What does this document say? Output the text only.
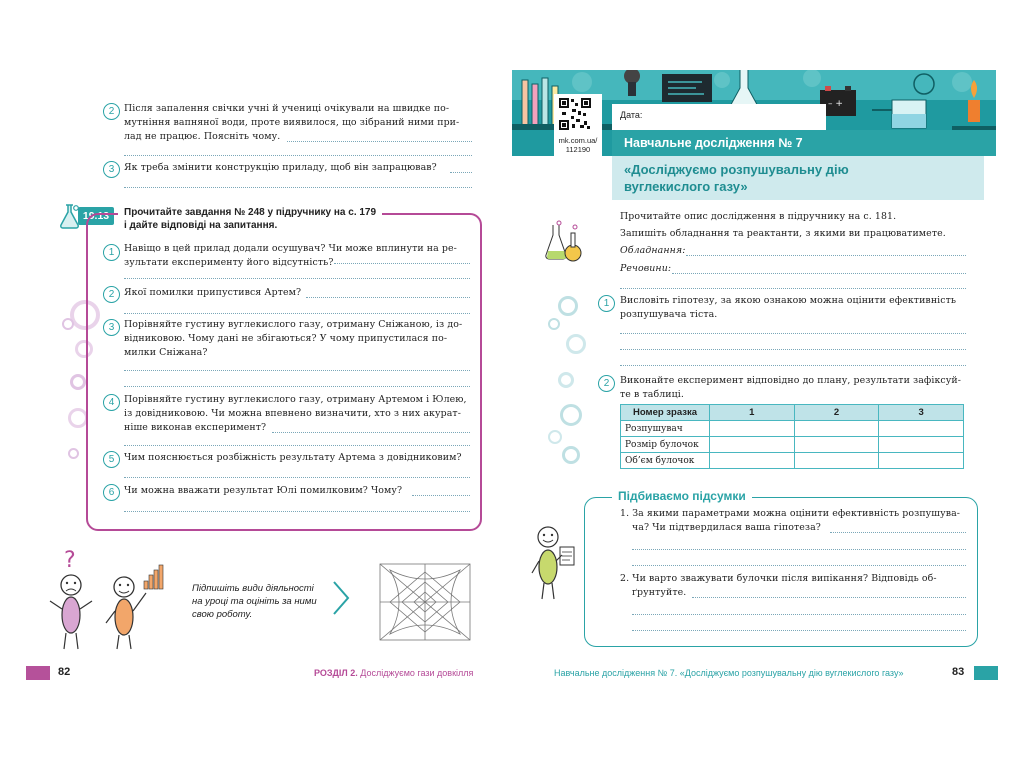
2	Після запалення свічки учні й учениці очікували на швидке по-
мутніння вапняної води, проте виявилося, що зібраний ними при-
лад не працює. Поясніть чому.
3	Як треба змінити конструкцію приладу, щоб він запрацював?
19.13	Прочитайте завдання № 248 у підручнику на с. 179
і дайте відповіді на запитання.
1	Навіщо в цей прилад додали осушувач? Чи може вплинути на ре-
зультати експерименту його відсутність?
2	Якої помилки припустився Артем?
3	Порівняйте густину вуглекислого газу, отриману Сніжаною, із до-
відниковою. Чому дані не збігаються? У чому припустилася по-
милки Сніжана?
4	Порівняйте густину вуглекислого газу, отриману Артемом і Юлею,
із довідниковою. Чи можна впевнено визначити, хто з них акурат-
ніше виконав експеримент?
5	Чим пояснюється розбіжність результату Артема з довідниковим?
6	Чи можна вважати результат Юлі помилковим? Чому?
?
Підпишіть види діяльності
на уроці та оцініть за ними
свою роботу.
82	РОЗДІЛ 2. Досліджуємо гази довкілля
– +
mk.com.ua/
112190
Дата:
Навчальне дослідження № 7
«Досліджуємо розпушувальну дію
вуглекислого газу»
Прочитайте опис дослідження в підручнику на с. 181.
Запишіть обладнання та реактанти, з якими ви працюватимете.
Обладнання:
Речовини:
1	Висловіть гіпотезу, за якою ознакою можна оцінити ефективність
розпушувача тіста.
2	Виконайте експеримент відповідно до плану, результати зафіксуй-
те в таблиці.
Номер зразка	1	2	3
Розпушувач			
Розмір булочок			
Об’єм булочок			
Підбиваємо підсумки
1. За якими параметрами можна оцінити ефективність розпушува-
ча? Чи підтвердилася ваша гіпотеза?
2. Чи варто зважувати булочки після випікання? Відповідь об-
ґрунтуйте.
Навчальне дослідження № 7. «Досліджуємо розпушувальну дію вуглекислого газу»	83
